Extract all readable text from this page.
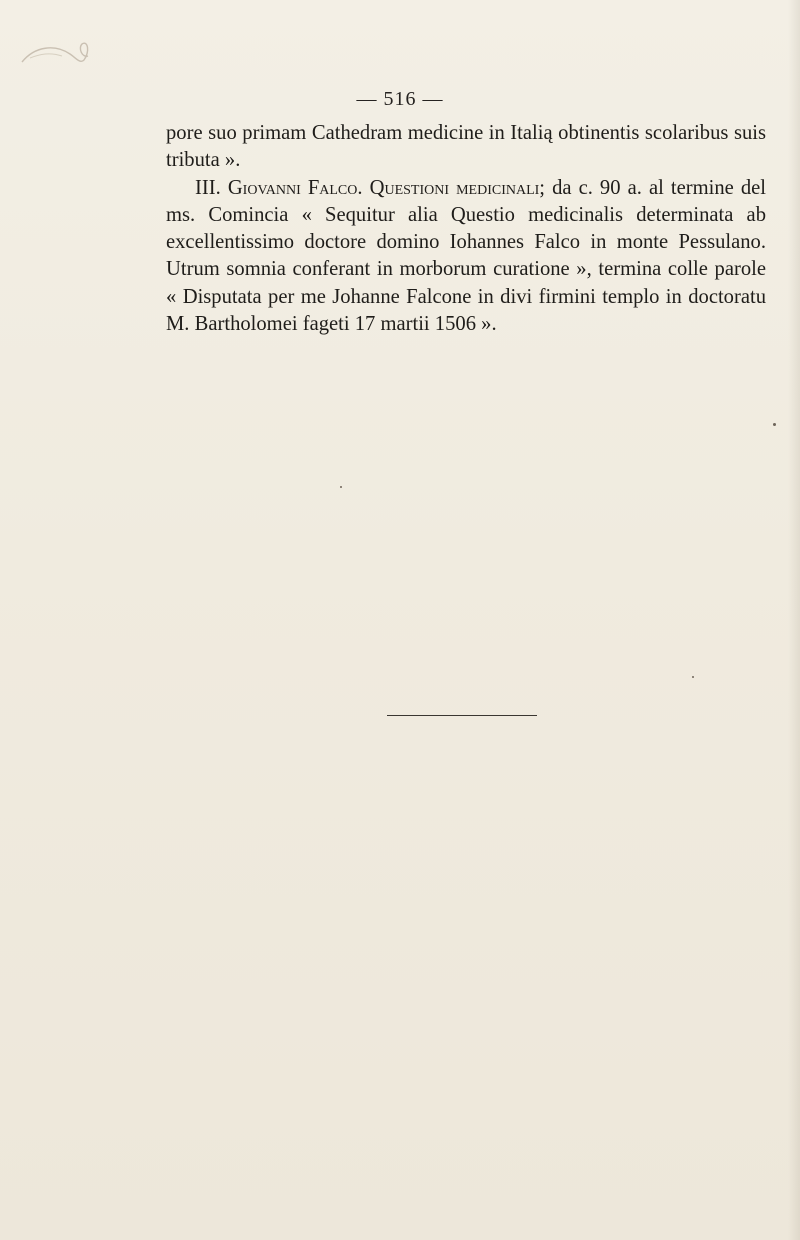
— 516 —

pore suo primam Cathedram medicine in Italią obtinentis scolaribus suis tributa ».

III. Giovanni Falco. Questioni medicinali; da c. 90 a. al termine del ms. Comincia « Sequitur alia Questio medicinalis determinata ab excellentissimo doctore domino Iohannes Falco in monte Pessulano. Utrum somnia conferant in morborum curatione », termina colle parole « Disputata per me Johanne Falcone in divi firmini templo in doctoratu M. Bartholomei fageti 17 martii 1506 ».
